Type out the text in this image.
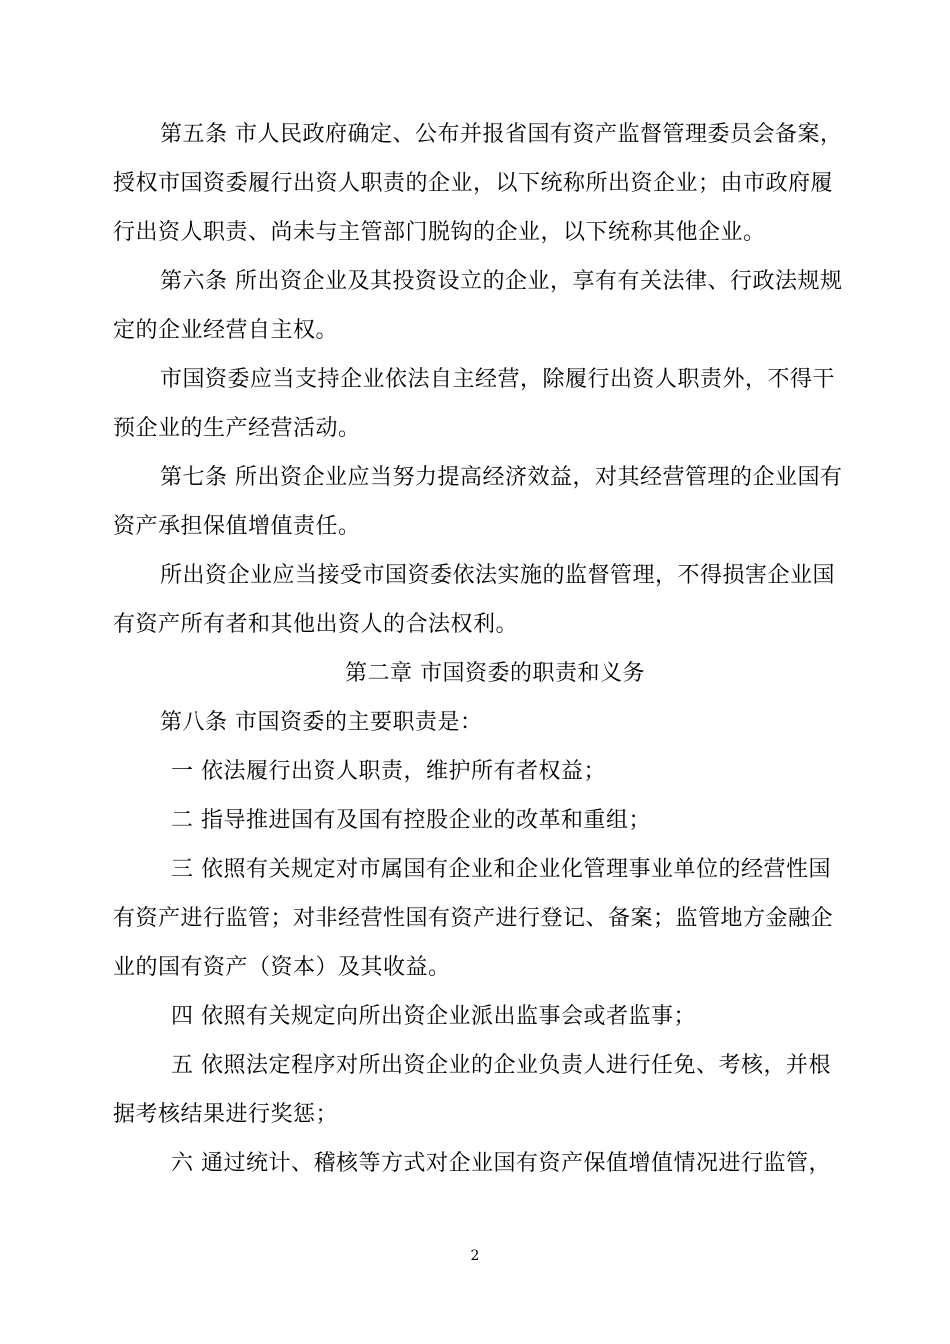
第五条 市人民政府确定、公布并报省国有资产监督管理委员会备案，
授权市国资委履行出资人职责的企业，以下统称所出资企业；由市政府履
行出资人职责、尚未与主管部门脱钩的企业，以下统称其他企业。
第六条 所出资企业及其投资设立的企业，享有有关法律、行政法规规
定的企业经营自主权。
市国资委应当支持企业依法自主经营，除履行出资人职责外，不得干
预企业的生产经营活动。
第七条 所出资企业应当努力提高经济效益，对其经营管理的企业国有
资产承担保值增值责任。
所出资企业应当接受市国资委依法实施的监督管理，不得损害企业国
有资产所有者和其他出资人的合法权利。
第二章 市国资委的职责和义务
第八条 市国资委的主要职责是：
一 依法履行出资人职责，维护所有者权益；
二 指导推进国有及国有控股企业的改革和重组；
三 依照有关规定对市属国有企业和企业化管理事业单位的经营性国
有资产进行监管；对非经营性国有资产进行登记、备案；监管地方金融企
业的国有资产（资本）及其收益。
四 依照有关规定向所出资企业派出监事会或者监事；
五 依照法定程序对所出资企业的企业负责人进行任免、考核，并根
据考核结果进行奖惩；
六 通过统计、稽核等方式对企业国有资产保值增值情况进行监管，
2
